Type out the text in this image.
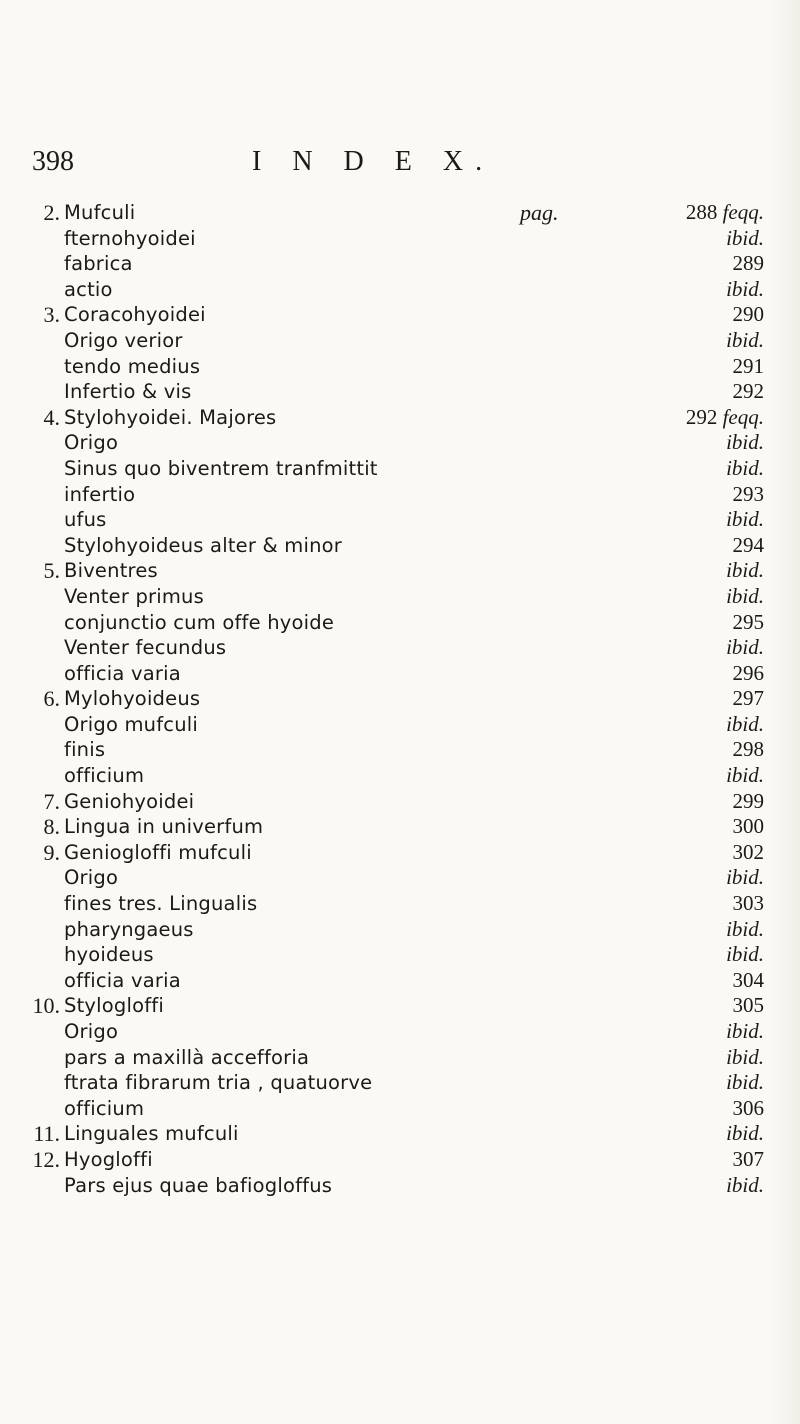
398	I N D E X.
2. Mufculi	pag.	288 feqq.
fternohyoidei	ibid.
fabrica	289
actio	ibid.
3. Coracohyoidei	290
Origo verior	ibid.
tendo medius	291
Infertio & vis	292
4. Stylohyoidei. Majores	292 feqq.
Origo	ibid.
Sinus quo biventrem tranfmittit	ibid.
infertio	293
ufus	ibid.
Stylohyoideus alter & minor	294
5. Biventres	ibid.
Venter primus	ibid.
conjunctio cum offe hyoide	295
Venter fecundus	ibid.
officia varia	296
6. Mylohyoideus	297
Origo mufculi	ibid.
finis	298
officium	ibid.
7. Geniohyoidei	299
8. Lingua in univerfum	300
9. Geniogloffi mufculi	302
Origo	ibid.
fines tres. Lingualis	303
pharyngaeus	ibid.
hyoideus	ibid.
officia varia	304
10. Stylogloffi	305
Origo	ibid.
pars a maxillà accefforia	ibid.
ftrata fibrarum tria , quatuorve	ibid.
officium	306
11. Linguales mufculi	ibid.
12. Hyogloffi	307
Pars ejus quae bafiogloffus	ibid.
